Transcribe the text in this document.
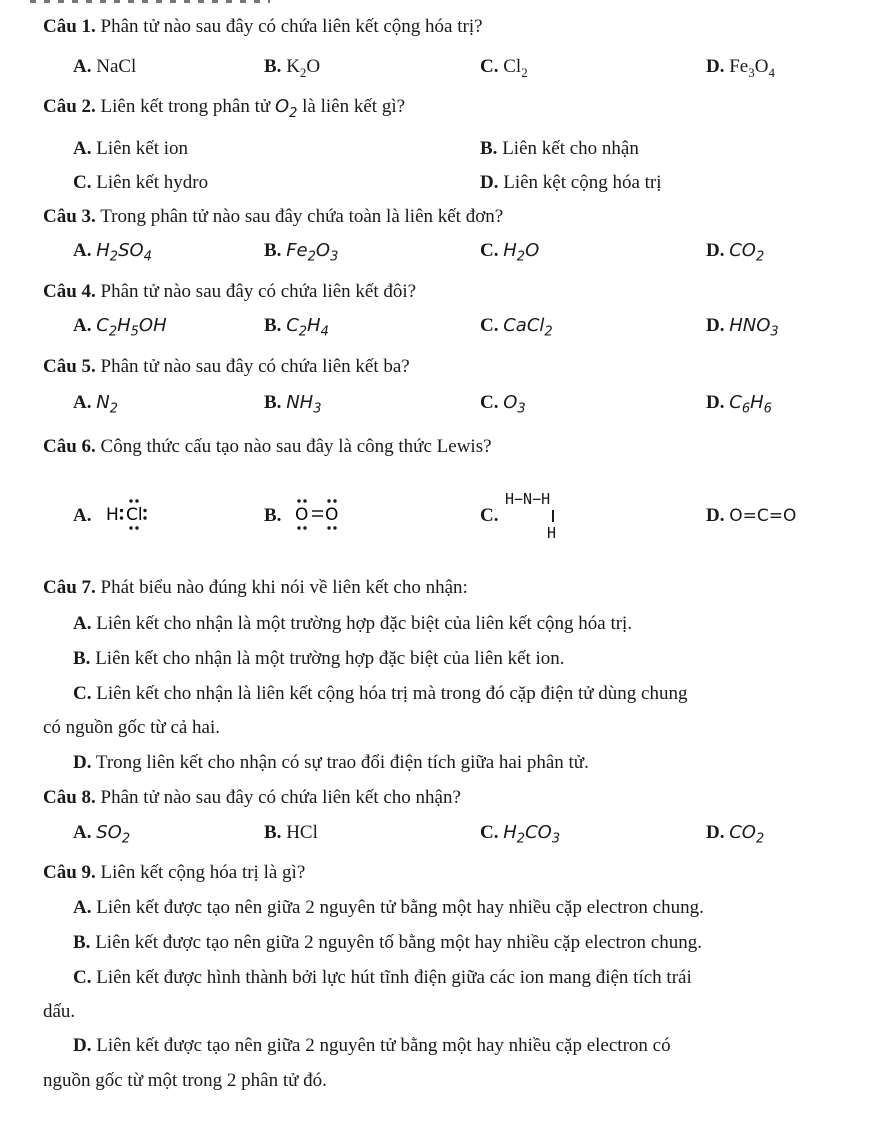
Câu 1. Phân tử nào sau đây có chứa liên kết cộng hóa trị?
A. NaCl	B. $K_2O$	C. $Cl_2$	D. $Fe_3O_4$
Câu 2. Liên kết trong phân tử $O_2$ là liên kết gì?
A. Liên kết ion	B. Liên kết cho nhận
C. Liên kết hydro	D. Liên kệt cộng hóa trị
Câu 3. Trong phân tử nào sau đây chứa toàn là liên kết đơn?
A. $H_2SO_4$	B. $Fe_2O_3$	C. $H_2O$	D. $CO_2$
Câu 4. Phân tử nào sau đây có chứa liên kết đôi?
A. $C_2H_5OH$	B. $C_2H_4$	C. CaCl$_2$	D. $HNO_3$
Câu 5. Phân tử nào sau đây có chứa liên kết ba?
A. $N_2$	B. $NH_3$	C. $O_3$	D. $C_6H_6$
Câu 6. Công thức cấu tạo nào sau đây là công thức Lewis?
A. H Cl	B. O O	C.
H−N−H
H
D. O=C=O
Câu 7. Phát biểu nào đúng khi nói về liên kết cho nhận:
A. Liên kết cho nhận là một trường hợp đặc biệt của liên kết cộng hóa trị.
B. Liên kết cho nhận là một trường hợp đặc biệt của liên kết ion.
C. Liên kết cho nhận là liên kết cộng hóa trị mà trong đó cặp điện tử dùng chung
có nguồn gốc từ cả hai.
D. Trong liên kết cho nhận có sự trao đổi điện tích giữa hai phân tử.
Câu 8. Phân tử nào sau đây có chứa liên kết cho nhận?
A. $SO_2$	B. HCl	C. $H_2CO_3$	D. $CO_2$
Câu 9. Liên kết cộng hóa trị là gì?
A. Liên kết được tạo nên giữa 2 nguyên tử bằng một hay nhiều cặp electron chung.
B. Liên kết được tạo nên giữa 2 nguyên tố bằng một hay nhiều cặp electron chung.
C. Liên kết được hình thành bởi lực hút tĩnh điện giữa các ion mang điện tích trái
dấu.
D. Liên kết được tạo nên giữa 2 nguyên tử bằng một hay nhiều cặp electron có
nguồn gốc từ một trong 2 phân tử đó.
